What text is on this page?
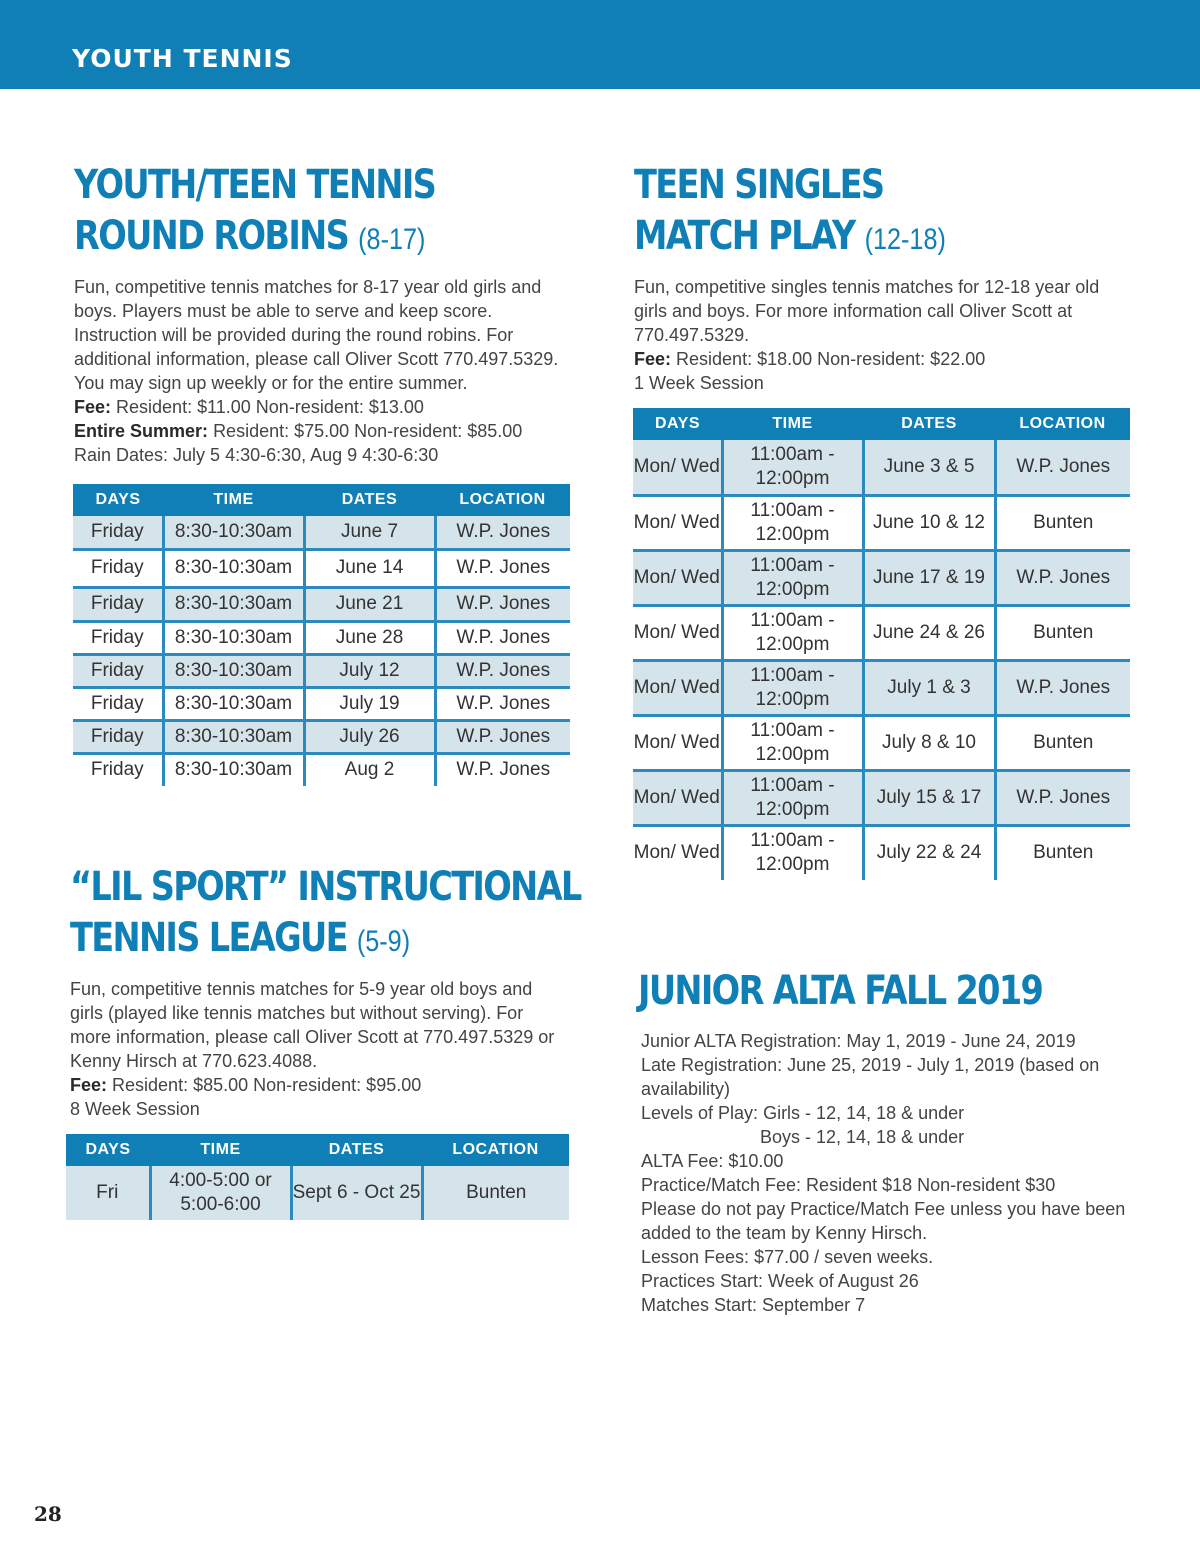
YOUTH TENNIS
YOUTH/TEEN TENNIS
ROUND ROBINS (8-17)
Fun, competitive tennis matches for 8-17 year old girls and boys. Players must be able to serve and keep score. Instruction will be provided during the round robins. For additional information, please call Oliver Scott 770.497.5329. You may sign up weekly or for the entire summer.
Fee: Resident: $11.00 Non-resident: $13.00
Entire Summer: Resident: $75.00 Non-resident: $85.00
Rain Dates: July 5 4:30-6:30, Aug 9 4:30-6:30
DAYS	TIME	DATES	LOCATION
Friday	8:30-10:30am	June 7	W.P. Jones
Friday	8:30-10:30am	June 14	W.P. Jones
Friday	8:30-10:30am	June 21	W.P. Jones
Friday	8:30-10:30am	June 28	W.P. Jones
Friday	8:30-10:30am	July 12	W.P. Jones
Friday	8:30-10:30am	July 19	W.P. Jones
Friday	8:30-10:30am	July 26	W.P. Jones
Friday	8:30-10:30am	Aug 2	W.P. Jones
TEEN SINGLES
MATCH PLAY (12-18)
Fun, competitive singles tennis matches for 12-18 year old girls and boys. For more information call Oliver Scott at 770.497.5329.
Fee: Resident: $18.00 Non-resident: $22.00
1 Week Session
DAYS	TIME	DATES	LOCATION
Mon/ Wed	11:00am - 12:00pm	June 3 & 5	W.P. Jones
Mon/ Wed	11:00am - 12:00pm	June 10 & 12	Bunten
Mon/ Wed	11:00am - 12:00pm	June 17 & 19	W.P. Jones
Mon/ Wed	11:00am - 12:00pm	June 24 & 26	Bunten
Mon/ Wed	11:00am - 12:00pm	July 1 & 3	W.P. Jones
Mon/ Wed	11:00am - 12:00pm	July 8 & 10	Bunten
Mon/ Wed	11:00am - 12:00pm	July 15 & 17	W.P. Jones
Mon/ Wed	11:00am - 12:00pm	July 22 & 24	Bunten
“LIL SPORT” INSTRUCTIONAL
TENNIS LEAGUE (5-9)
Fun, competitive tennis matches for 5-9 year old boys and girls (played like tennis matches but without serving). For more information, please call Oliver Scott at 770.497.5329 or Kenny Hirsch at 770.623.4088.
Fee: Resident: $85.00 Non-resident: $95.00
8 Week Session
DAYS	TIME	DATES	LOCATION
Fri	4:00-5:00 or 5:00-6:00	Sept 6 - Oct 25	Bunten
JUNIOR ALTA FALL 2019
Junior ALTA Registration: May 1, 2019 - June 24, 2019
Late Registration: June 25, 2019 - July 1, 2019 (based on availability)
Levels of Play: Girls - 12, 14, 18 & under
Boys - 12, 14, 18 & under
ALTA Fee: $10.00
Practice/Match Fee: Resident $18 Non-resident $30
Please do not pay Practice/Match Fee unless you have been added to the team by Kenny Hirsch.
Lesson Fees: $77.00 / seven weeks.
Practices Start: Week of August 26
Matches Start: September 7
28
